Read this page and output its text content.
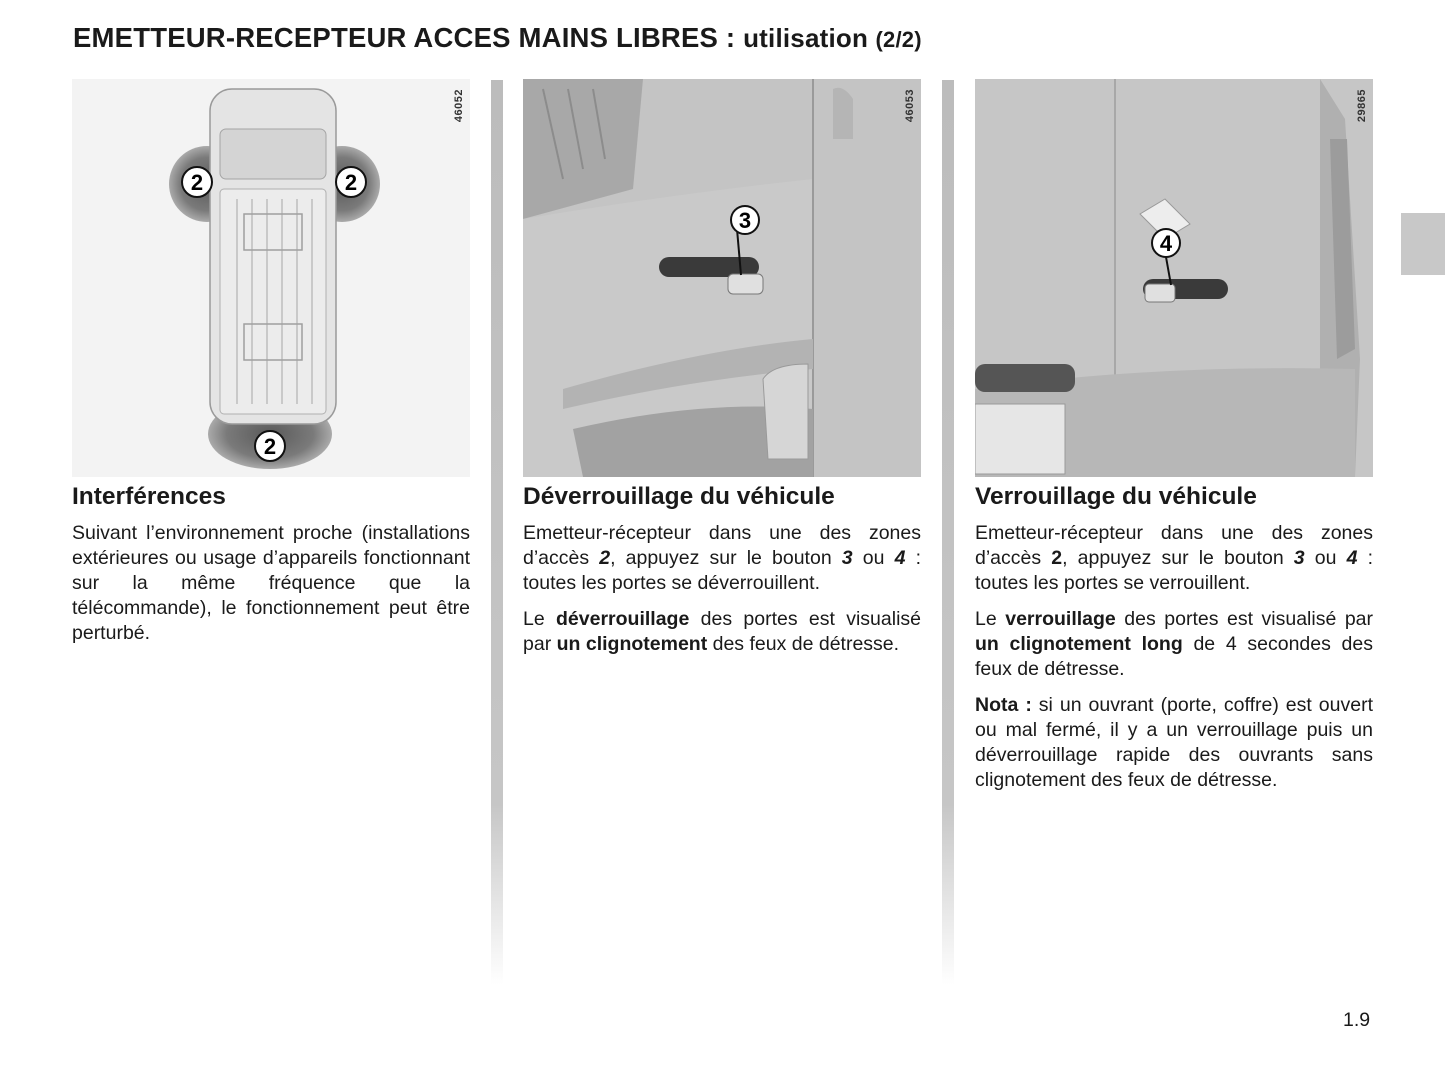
EMETTEUR-RECEPTEUR ACCES MAINS LIBRES : utilisation (2/2)
46052
2	2
2
Interférences

Suivant l’environnement proche (installations extérieures ou usage d’appareils fonctionnant sur la même fréquence que la télécommande), le fonctionnement peut être perturbé.

46053
3
Déverrouillage du véhicule

Emetteur-récepteur dans une des zones d’accès 2, appuyez sur le bouton 3 ou 4 : toutes les portes se déverrouillent.

Le déverrouillage des portes est visualisé par un clignotement des feux de détresse.

29865
4
Verrouillage du véhicule

Emetteur-récepteur dans une des zones d’accès 2, appuyez sur le bouton 3 ou 4 : toutes les portes se verrouillent.

Le verrouillage des portes est visualisé par un clignotement long de 4 secondes des feux de détresse.

Nota : si un ouvrant (porte, coffre) est ouvert ou mal fermé, il y a un verrouillage puis un déverrouillage rapide des ouvrants sans clignotement des feux de détresse.

1.9
